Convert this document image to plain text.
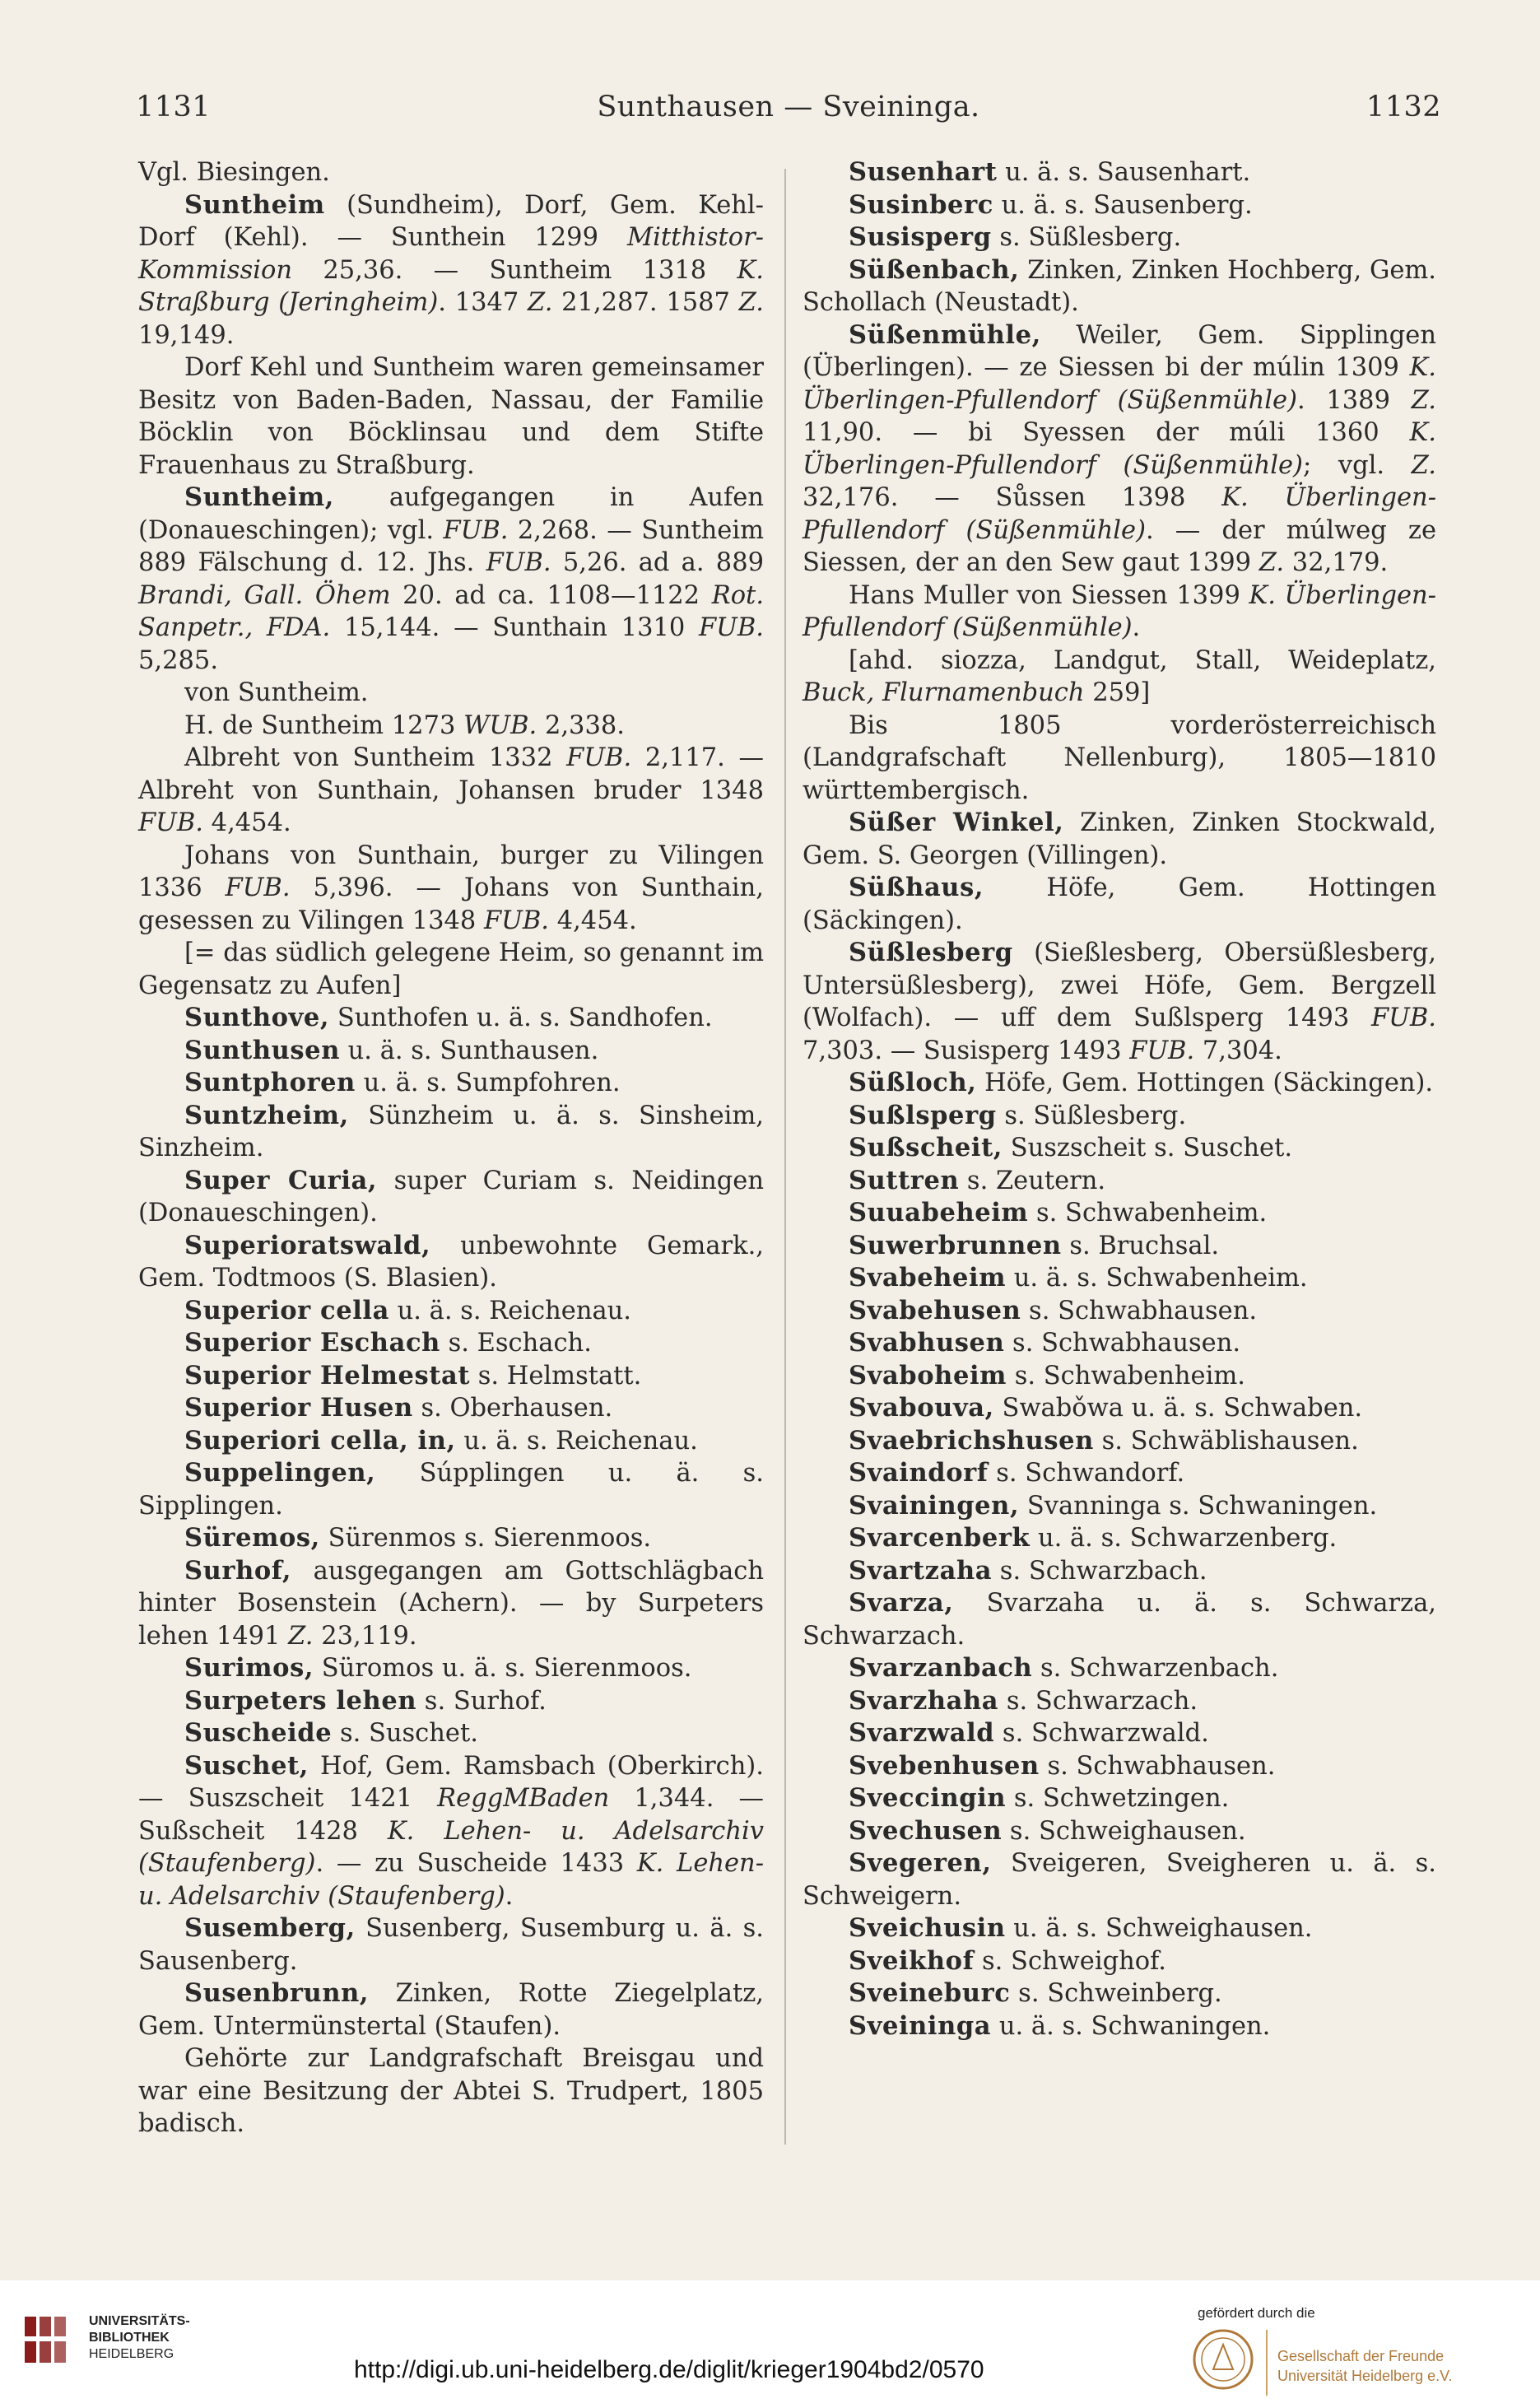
1131	Sunthausen — Sveininga.	1132

Vgl. Biesingen.

Suntheim (Sundheim), Dorf, Gem. Kehl-Dorf (Kehl). — Sunthein 1299 Mitthistor-Kommission 25,36. — Suntheim 1318 K. Straßburg (Jeringheim). 1347 Z. 21,287. 1587 Z. 19,149.

Dorf Kehl und Suntheim waren gemeinsamer Besitz von Baden-Baden, Nassau, der Familie Böcklin von Böcklinsau und dem Stifte Frauenhaus zu Straßburg.

Suntheim, aufgegangen in Aufen (Donaueschingen); vgl. FUB. 2,268. — Suntheim 889 Fälschung d. 12. Jhs. FUB. 5,26. ad a. 889 Brandi, Gall. Öhem 20. ad ca. 1108—1122 Rot. Sanpetr., FDA. 15,144. — Sunthain 1310 FUB. 5,285.

von Suntheim.

H. de Suntheim 1273 WUB. 2,338.

Albreht von Suntheim 1332 FUB. 2,117. — Albreht von Sunthain, Johansen bruder 1348 FUB. 4,454.

Johans von Sunthain, burger zu Vilingen 1336 FUB. 5,396. — Johans von Sunthain, gesessen zu Vilingen 1348 FUB. 4,454.

[= das südlich gelegene Heim, so genannt im Gegensatz zu Aufen]

Sunthove, Sunthofen u. ä. s. Sandhofen.

Sunthusen u. ä. s. Sunthausen.

Suntphoren u. ä. s. Sumpfohren.

Suntzheim, Sünzheim u. ä. s. Sinsheim, Sinzheim.

Super Curia, super Curiam s. Neidingen (Donaueschingen).

Superioratswald, unbewohnte Gemark., Gem. Todtmoos (S. Blasien).

Superior cella u. ä. s. Reichenau.

Superior Eschach s. Eschach.

Superior Helmestat s. Helmstatt.

Superior Husen s. Oberhausen.

Superiori cella, in, u. ä. s. Reichenau.

Suppelingen, Súpplingen u. ä. s. Sipplingen.

Süremos, Sürenmos s. Sierenmoos.

Surhof, ausgegangen am Gottschlägbach hinter Bosenstein (Achern). — by Surpeters lehen 1491 Z. 23,119.

Surimos, Süromos u. ä. s. Sierenmoos.

Surpeters lehen s. Surhof.

Suscheide s. Suschet.

Suschet, Hof, Gem. Ramsbach (Oberkirch). — Suszscheit 1421 ReggMBaden 1,344. — Sußscheit 1428 K. Lehen- u. Adelsarchiv (Staufenberg). — zu Suscheide 1433 K. Lehen- u. Adelsarchiv (Staufenberg).

Susemberg, Susenberg, Susemburg u. ä. s. Sausenberg.

Susenbrunn, Zinken, Rotte Ziegelplatz, Gem. Untermünstertal (Staufen).

Gehörte zur Landgrafschaft Breisgau und war eine Besitzung der Abtei S. Trudpert, 1805 badisch.

Susenhart u. ä. s. Sausenhart.

Susinberc u. ä. s. Sausenberg.

Susisperg s. Süßlesberg.

Süßenbach, Zinken, Zinken Hochberg, Gem. Schollach (Neustadt).

Süßenmühle, Weiler, Gem. Sipplingen (Überlingen). — ze Siessen bi der múlin 1309 K. Überlingen-Pfullendorf (Süßenmühle). 1389 Z. 11,90. — bi Syessen der múli 1360 K. Überlingen-Pfullendorf (Süßenmühle); vgl. Z. 32,176. — Sůssen 1398 K. Überlingen-Pfullendorf (Süßenmühle). — der múlweg ze Siessen, der an den Sew gaut 1399 Z. 32,179.

Hans Muller von Siessen 1399 K. Überlingen-Pfullendorf (Süßenmühle).

[ahd. siozza, Landgut, Stall, Weideplatz, Buck, Flurnamenbuch 259]

Bis 1805 vorderösterreichisch (Landgrafschaft Nellenburg), 1805—1810 württembergisch.

Süßer Winkel, Zinken, Zinken Stockwald, Gem. S. Georgen (Villingen).

Süßhaus, Höfe, Gem. Hottingen (Säckingen).

Süßlesberg (Sießlesberg, Obersüßlesberg, Untersüßlesberg), zwei Höfe, Gem. Bergzell (Wolfach). — uff dem Sußlsperg 1493 FUB. 7,303. — Susisperg 1493 FUB. 7,304.

Süßloch, Höfe, Gem. Hottingen (Säckingen).

Sußlsperg s. Süßlesberg.

Sußscheit, Suszscheit s. Suschet.

Suttren s. Zeutern.

Suuabeheim s. Schwabenheim.

Suwerbrunnen s. Bruchsal.

Svabeheim u. ä. s. Schwabenheim.

Svabehusen s. Schwabhausen.

Svabhusen s. Schwabhausen.

Svaboheim s. Schwabenheim.

Svabouva, Swabǒwa u. ä. s. Schwaben.

Svaebrichshusen s. Schwäblishausen.

Svaindorf s. Schwandorf.

Svainingen, Svanninga s. Schwaningen.

Svarcenberk u. ä. s. Schwarzenberg.

Svartzaha s. Schwarzbach.

Svarza, Svarzaha u. ä. s. Schwarza, Schwarzach.

Svarzanbach s. Schwarzenbach.

Svarzhaha s. Schwarzach.

Svarzwald s. Schwarzwald.

Svebenhusen s. Schwabhausen.

Sveccingin s. Schwetzingen.

Svechusen s. Schweighausen.

Svegeren, Sveigeren, Sveigheren u. ä. s. Schweigern.

Sveichusin u. ä. s. Schweighausen.

Sveikhof s. Schweighof.

Sveineburc s. Schweinberg.

Sveininga u. ä. s. Schwaningen.

UNIVERSITÄTS-
BIBLIOTHEK
HEIDELBERG
http://digi.ub.uni-heidelberg.de/diglit/krieger1904bd2/0570
gefördert durch die
Gesellschaft der Freunde
Universität Heidelberg e.V.
